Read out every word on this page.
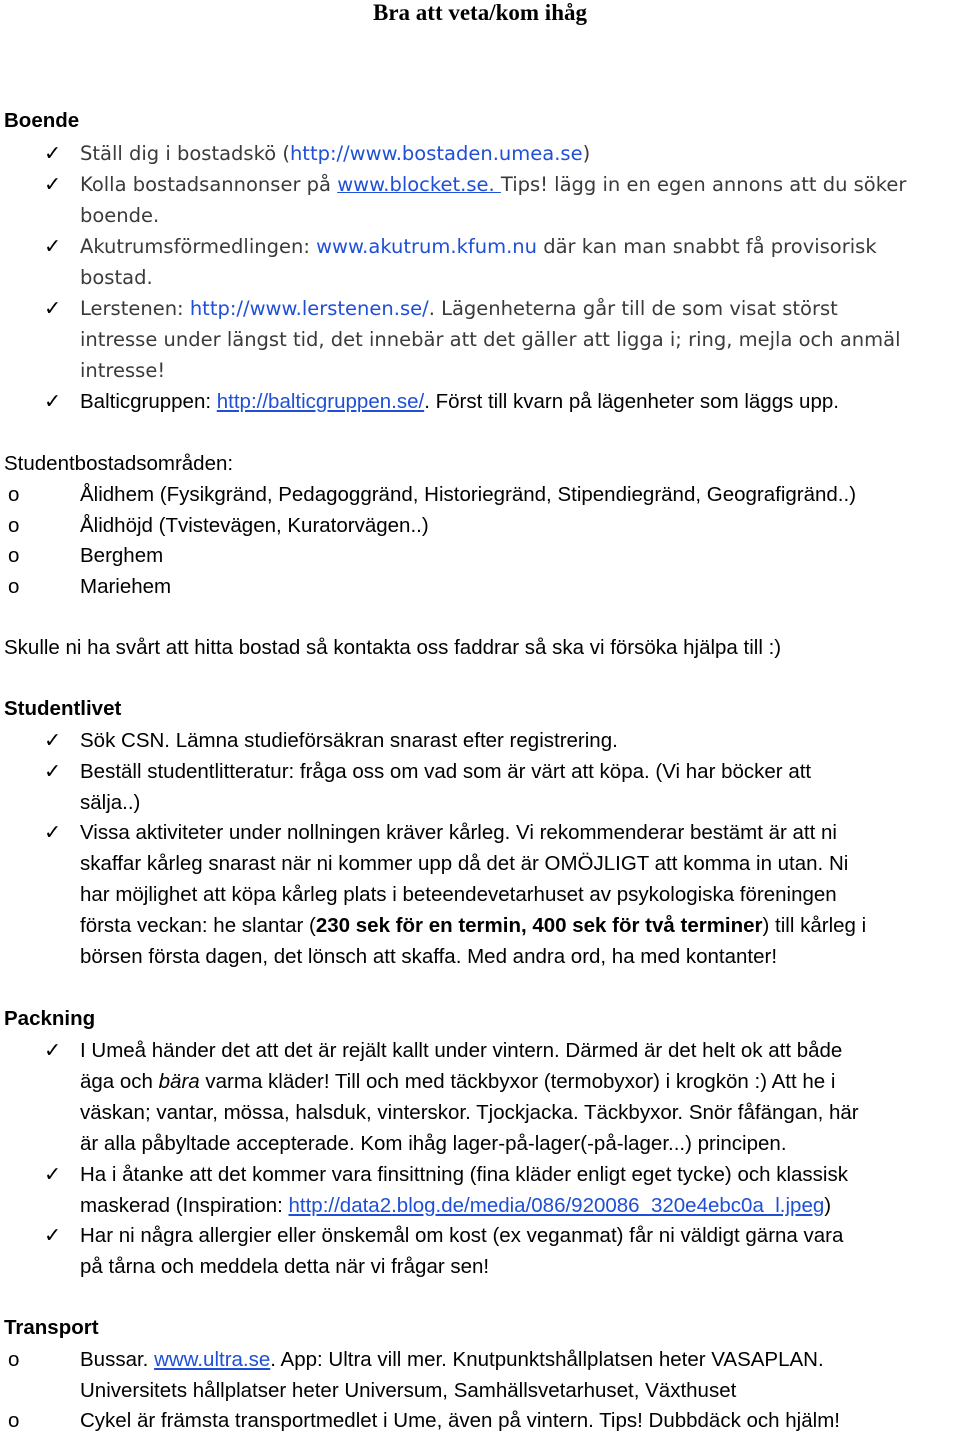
Bra att veta/kom ihåg
Boende
✓ Ställ dig i bostadskö (http://www.bostaden.umea.se)
✓ Kolla bostadsannonser på www.blocket.se. Tips! lägg in en egen annons att du söker
boende.
✓ Akutrumsförmedlingen: www.akutrum.kfum.nu där kan man snabbt få provisorisk
bostad.
✓ Lerstenen: http://www.lerstenen.se/. Lägenheterna går till de som visat störst
intresse under längst tid, det innebär att det gäller att ligga i; ring, mejla och anmäl
intresse!
✓ Balticgruppen: http://balticgruppen.se/. Först till kvarn på lägenheter som läggs upp.
Studentbostadsområden:
o	Ålidhem (Fysikgränd, Pedagoggränd, Historiegränd, Stipendiegränd, Geografigränd..)
o	Ålidhöjd (Tvistevägen, Kuratorvägen..)
o	Berghem
o	Mariehem
Skulle ni ha svårt att hitta bostad så kontakta oss faddrar så ska vi försöka hjälpa till :)
Studentlivet
✓ Sök CSN. Lämna studieförsäkran snarast efter registrering.
✓ Beställ studentlitteratur: fråga oss om vad som är värt att köpa. (Vi har böcker att
sälja..)
✓ Vissa aktiviteter under nollningen kräver kårleg. Vi rekommenderar bestämt är att ni
skaffar kårleg snarast när ni kommer upp då det är OMÖJLIGT att komma in utan. Ni
har möjlighet att köpa kårleg plats i beteendevetarhuset av psykologiska föreningen
första veckan: he slantar (230 sek för en termin, 400 sek för två terminer) till kårleg i
börsen första dagen, det lönsch att skaffa. Med andra ord, ha med kontanter!
Packning
✓ I Umeå händer det att det är rejält kallt under vintern. Därmed är det helt ok att både
äga och bära varma kläder! Till och med täckbyxor (termobyxor) i krogkön :) Att he i
väskan; vantar, mössa, halsduk, vinterskor. Tjockjacka. Täckbyxor. Snör fåfängan, här
är alla påbyltade accepterade. Kom ihåg lager-på-lager(-på-lager...) principen.
✓ Ha i åtanke att det kommer vara finsittning (fina kläder enligt eget tycke) och klassisk
maskerad (Inspiration: http://data2.blog.de/media/086/920086_320e4ebc0a_l.jpeg)
✓ Har ni några allergier eller önskemål om kost (ex veganmat) får ni väldigt gärna vara
på tårna och meddela detta när vi frågar sen!
Transport
o	Bussar. www.ultra.se. App: Ultra vill mer. Knutpunktshållplatsen heter VASAPLAN.
Universitets hållplatser heter Universum, Samhällsvetarhuset, Växthuset
o	Cykel är främsta transportmedlet i Ume, även på vintern. Tips! Dubbdäck och hjälm!
